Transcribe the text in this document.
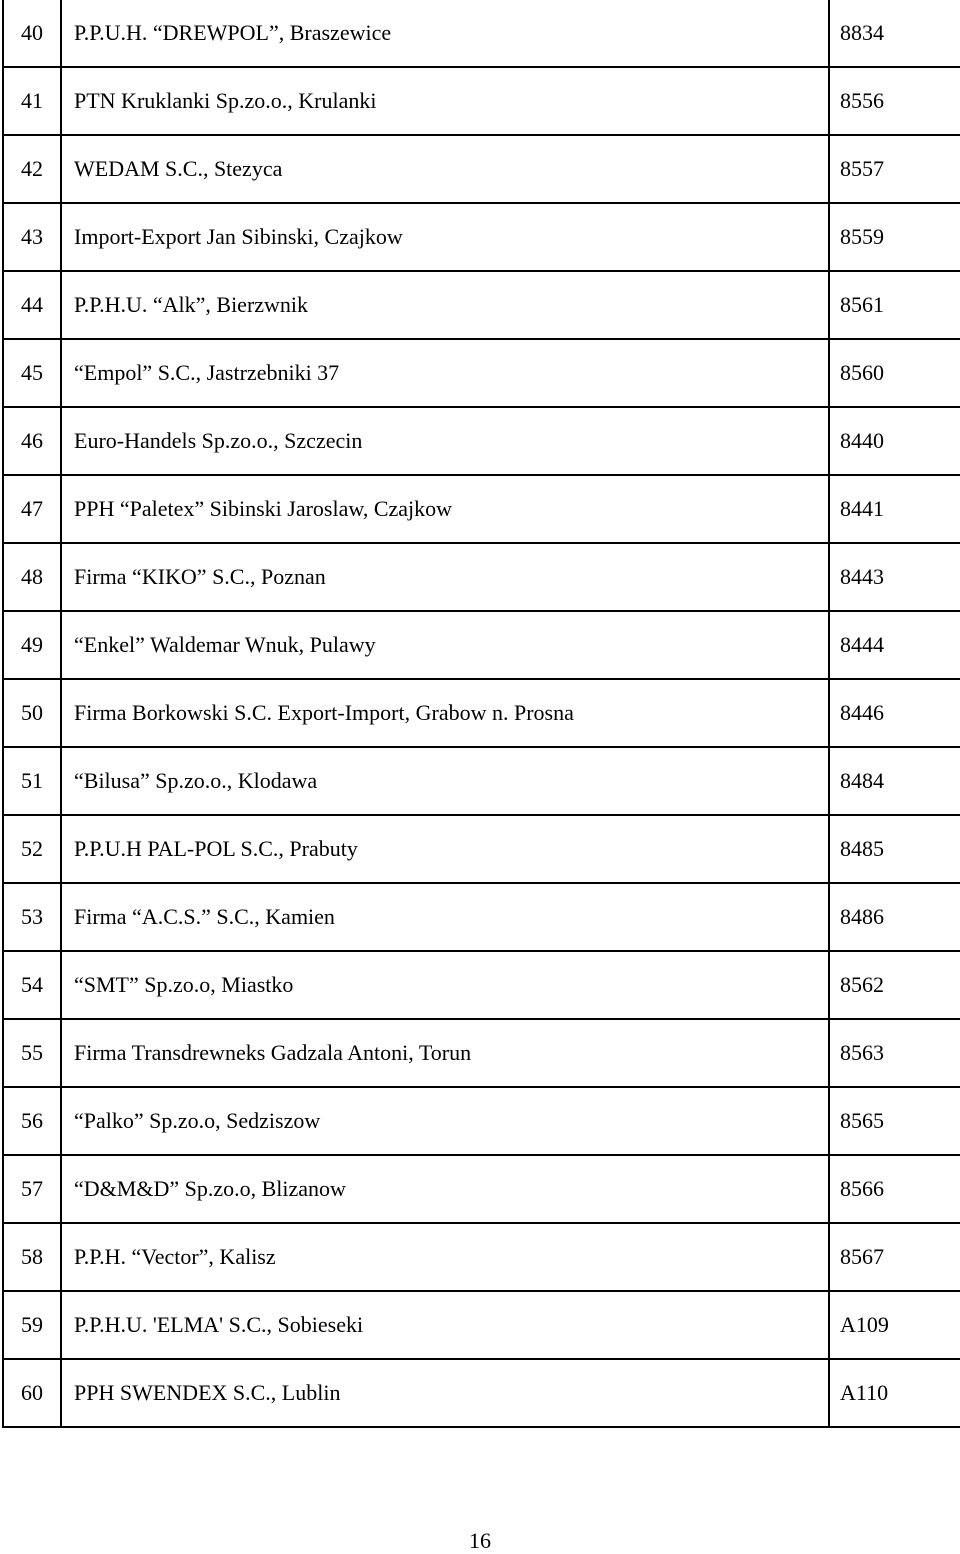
40	P.P.U.H. “DREWPOL”, Braszewice	8834
41	PTN Kruklanki Sp.zo.o., Krulanki	8556
42	WEDAM S.C., Stezyca	8557
43	Import-Export Jan Sibinski, Czajkow	8559
44	P.P.H.U. “Alk”, Bierzwnik	8561
45	“Empol” S.C., Jastrzebniki 37	8560
46	Euro-Handels Sp.zo.o., Szczecin	8440
47	PPH “Paletex” Sibinski Jaroslaw, Czajkow	8441
48	Firma “KIKO” S.C., Poznan	8443
49	“Enkel” Waldemar Wnuk, Pulawy	8444
50	Firma Borkowski S.C. Export-Import, Grabow n. Prosna	8446
51	“Bilusa” Sp.zo.o., Klodawa	8484
52	P.P.U.H PAL-POL S.C., Prabuty	8485
53	Firma “A.C.S.” S.C., Kamien	8486
54	“SMT” Sp.zo.o, Miastko	8562
55	Firma Transdrewneks Gadzala Antoni, Torun	8563
56	“Palko” Sp.zo.o, Sedziszow	8565
57	“D&M&D” Sp.zo.o, Blizanow	8566
58	P.P.H. “Vector”, Kalisz	8567
59	P.P.H.U. 'ELMA' S.C., Sobieseki	A109
60	PPH SWENDEX S.C., Lublin	A110
16
